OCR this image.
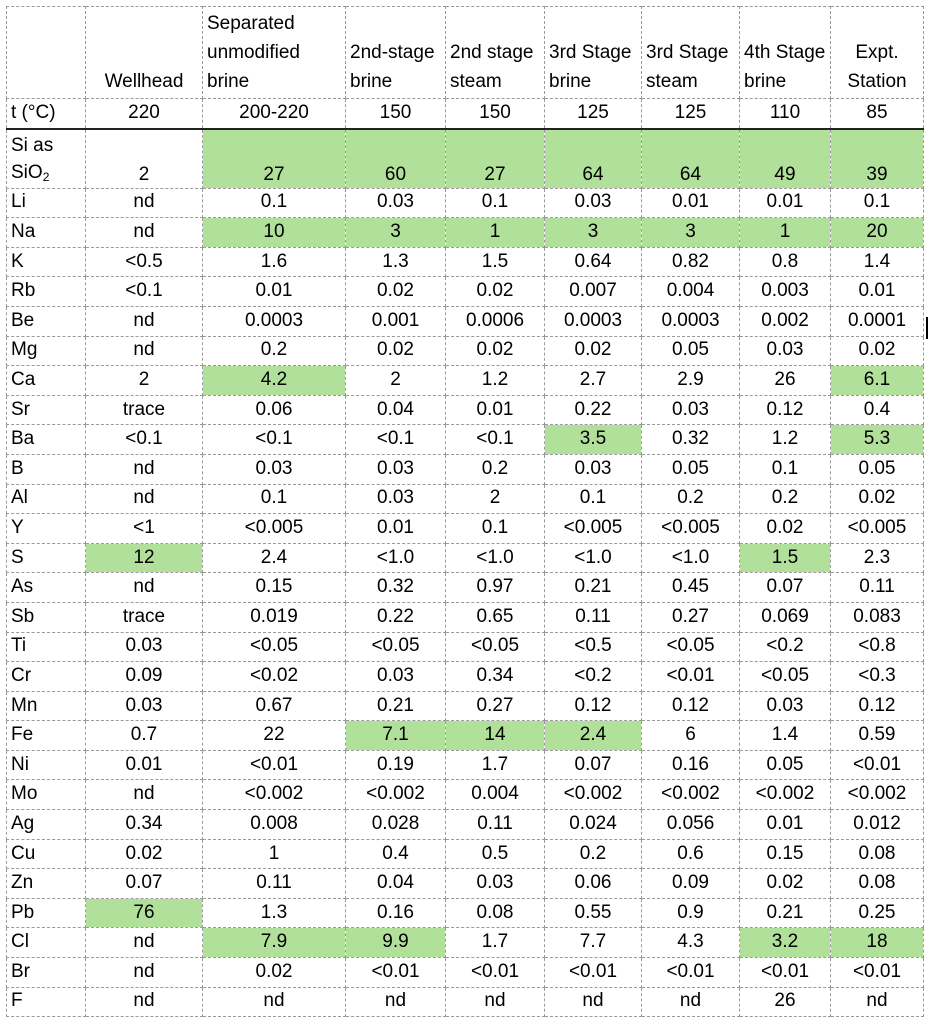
	Wellhead	Separated unmodified brine	2nd-stage brine	2nd stage steam	3rd Stage brine	3rd Stage steam	4th Stage brine	Expt. Station
t (°C)	220	200-220	150	150	125	125	110	85
Si as
SiO$_2$	2	27	60	27	64	64	49	39
Li	nd	0.1	0.03	0.1	0.03	0.01	0.01	0.1
Na	nd	10	3	1	3	3	1	20
K	<0.5	1.6	1.3	1.5	0.64	0.82	0.8	1.4
Rb	<0.1	0.01	0.02	0.02	0.007	0.004	0.003	0.01
Be	nd	0.0003	0.001	0.0006	0.0003	0.0003	0.002	0.0001
Mg	nd	0.2	0.02	0.02	0.02	0.05	0.03	0.02
Ca	2	4.2	2	1.2	2.7	2.9	26	6.1
Sr	trace	0.06	0.04	0.01	0.22	0.03	0.12	0.4
Ba	<0.1	<0.1	<0.1	<0.1	3.5	0.32	1.2	5.3
B	nd	0.03	0.03	0.2	0.03	0.05	0.1	0.05
Al	nd	0.1	0.03	2	0.1	0.2	0.2	0.02
Y	<1	<0.005	0.01	0.1	<0.005	<0.005	0.02	<0.005
S	12	2.4	<1.0	<1.0	<1.0	<1.0	1.5	2.3
As	nd	0.15	0.32	0.97	0.21	0.45	0.07	0.11
Sb	trace	0.019	0.22	0.65	0.11	0.27	0.069	0.083
Ti	0.03	<0.05	<0.05	<0.05	<0.5	<0.05	<0.2	<0.8
Cr	0.09	<0.02	0.03	0.34	<0.2	<0.01	<0.05	<0.3
Mn	0.03	0.67	0.21	0.27	0.12	0.12	0.03	0.12
Fe	0.7	22	7.1	14	2.4	6	1.4	0.59
Ni	0.01	<0.01	0.19	1.7	0.07	0.16	0.05	<0.01
Mo	nd	<0.002	<0.002	0.004	<0.002	<0.002	<0.002	<0.002
Ag	0.34	0.008	0.028	0.11	0.024	0.056	0.01	0.012
Cu	0.02	1	0.4	0.5	0.2	0.6	0.15	0.08
Zn	0.07	0.11	0.04	0.03	0.06	0.09	0.02	0.08
Pb	76	1.3	0.16	0.08	0.55	0.9	0.21	0.25
Cl	nd	7.9	9.9	1.7	7.7	4.3	3.2	18
Br	nd	0.02	<0.01	<0.01	<0.01	<0.01	<0.01	<0.01
F	nd	nd	nd	nd	nd	nd	26	nd
